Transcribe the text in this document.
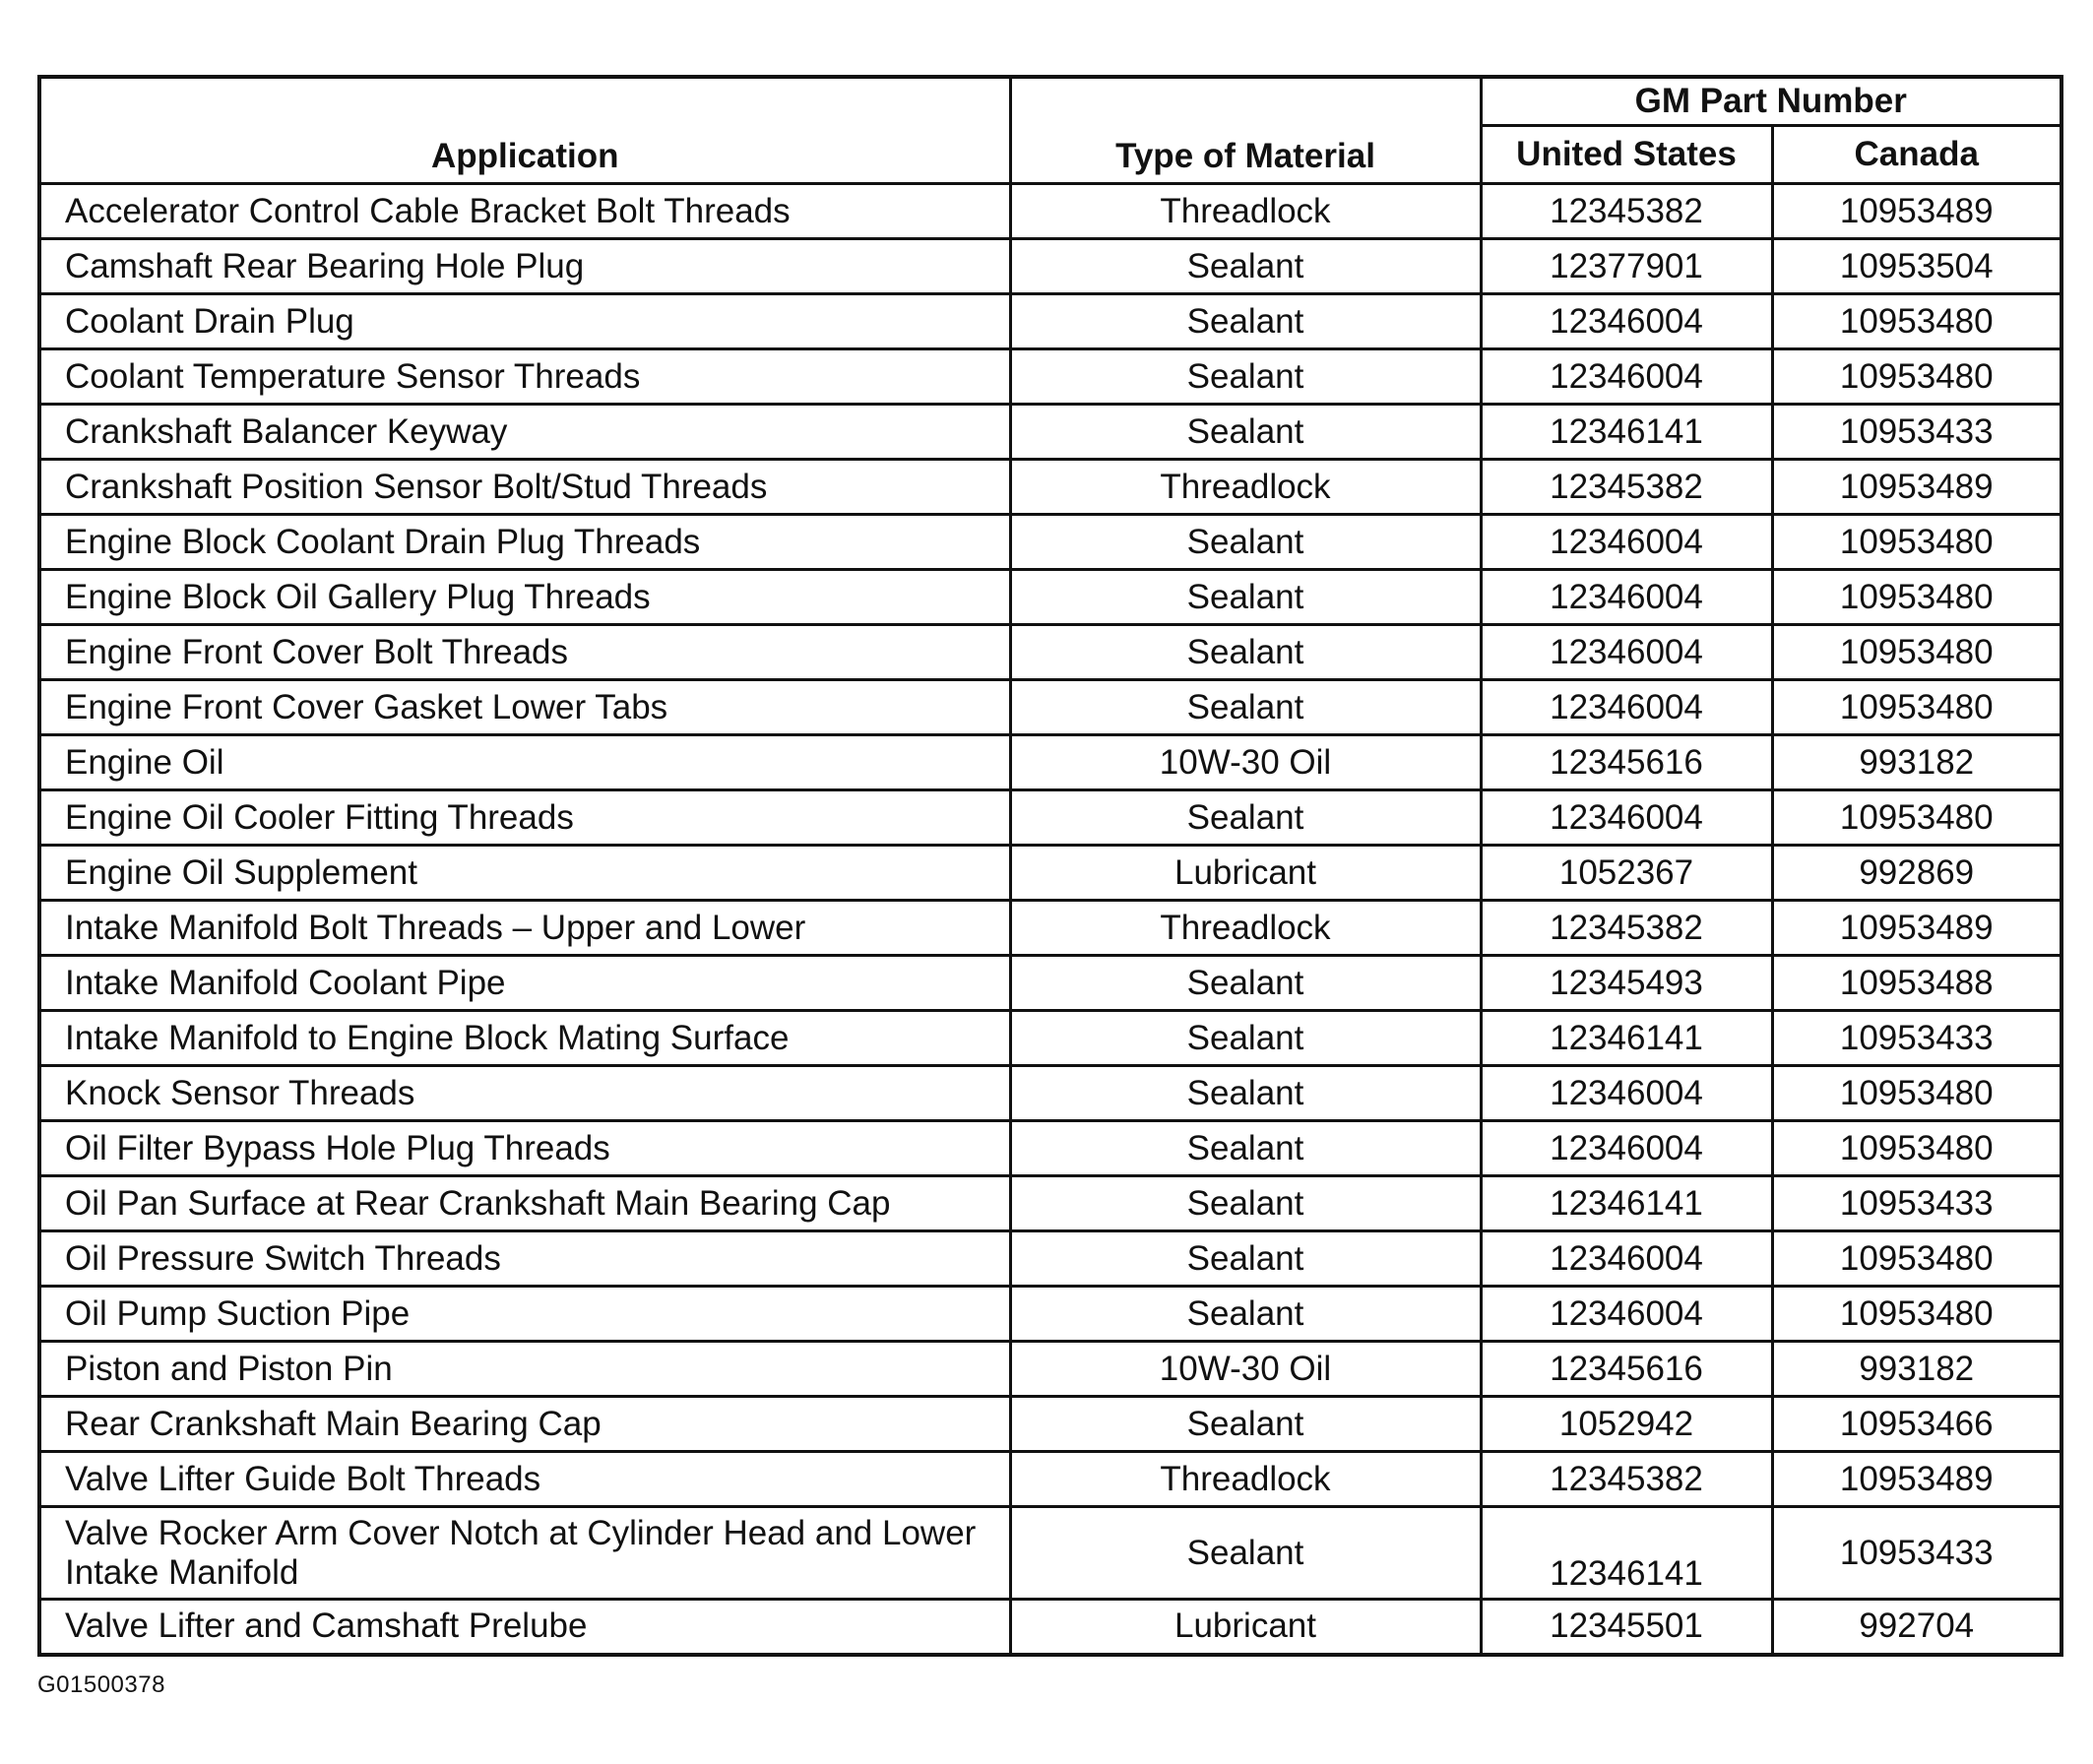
Application	Type of Material	GM Part Number	
		United States	Canada
Accelerator Control Cable Bracket Bolt Threads	Threadlock	12345382	10953489
Camshaft Rear Bearing Hole Plug	Sealant	12377901	10953504
Coolant Drain Plug	Sealant	12346004	10953480
Coolant Temperature Sensor Threads	Sealant	12346004	10953480
Crankshaft Balancer Keyway	Sealant	12346141	10953433
Crankshaft Position Sensor Bolt/Stud Threads	Threadlock	12345382	10953489
Engine Block Coolant Drain Plug Threads	Sealant	12346004	10953480
Engine Block Oil Gallery Plug Threads	Sealant	12346004	10953480
Engine Front Cover Bolt Threads	Sealant	12346004	10953480
Engine Front Cover Gasket Lower Tabs	Sealant	12346004	10953480
Engine Oil	10W-30 Oil	12345616	993182
Engine Oil Cooler Fitting Threads	Sealant	12346004	10953480
Engine Oil Supplement	Lubricant	1052367	992869
Intake Manifold Bolt Threads – Upper and Lower	Threadlock	12345382	10953489
Intake Manifold Coolant Pipe	Sealant	12345493	10953488
Intake Manifold to Engine Block Mating Surface	Sealant	12346141	10953433
Knock Sensor Threads	Sealant	12346004	10953480
Oil Filter Bypass Hole Plug Threads	Sealant	12346004	10953480
Oil Pan Surface at Rear Crankshaft Main Bearing Cap	Sealant	12346141	10953433
Oil Pressure Switch Threads	Sealant	12346004	10953480
Oil Pump Suction Pipe	Sealant	12346004	10953480
Piston and Piston Pin	10W-30 Oil	12345616	993182
Rear Crankshaft Main Bearing Cap	Sealant	1052942	10953466
Valve Lifter Guide Bolt Threads	Threadlock	12345382	10953489
Valve Rocker Arm Cover Notch at Cylinder Head and Lower Intake Manifold	Sealant	12346141	10953433
Valve Lifter and Camshaft Prelube	Lubricant	12345501	992704
G01500378
